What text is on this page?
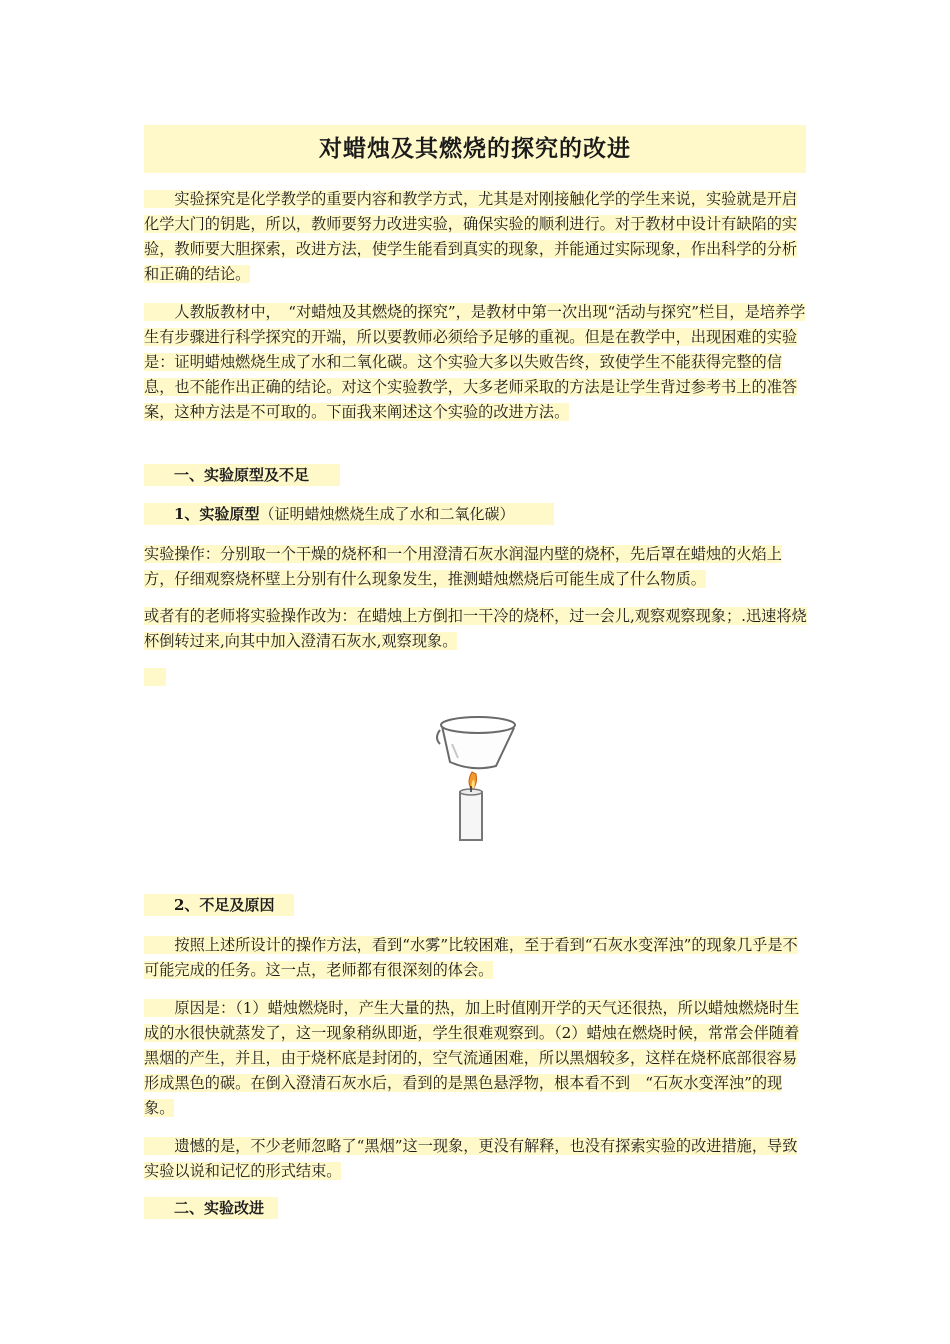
对蜡烛及其燃烧的探究的改进

　　实验探究是化学教学的重要内容和教学方式，尤其是对刚接触化学的学生来说，实验就是开启化学大门的钥匙，所以，教师要努力改进实验，确保实验的顺利进行。对于教材中设计有缺陷的实验，教师要大胆探索，改进方法，使学生能看到真实的现象，并能通过实际现象，作出科学的分析和正确的结论。

　　人教版教材中，　“对蜡烛及其燃烧的探究”，是教材中第一次出现“活动与探究”栏目，是培养学生有步骤进行科学探究的开端，所以要教师必须给予足够的重视。但是在教学中，出现困难的实验是：证明蜡烛燃烧生成了水和二氧化碳。这个实验大多以失败告终，致使学生不能获得完整的信息，也不能作出正确的结论。对这个实验教学，大多老师采取的方法是让学生背过参考书上的准答案，这种方法是不可取的。下面我来阐述这个实验的改进方法。

　　一、实验原型及不足
　　1、实验原型（证明蜡烛燃烧生成了水和二氧化碳）

实验操作：分别取一个干燥的烧杯和一个用澄清石灰水润湿内壁的烧杯，先后罩在蜡烛的火焰上方，仔细观察烧杯壁上分别有什么现象发生，推测蜡烛燃烧后可能生成了什么物质。

或者有的老师将实验操作改为：在蜡烛上方倒扣一干冷的烧杯，过一会儿,观察观察现象；.迅速将烧杯倒转过来,向其中加入澄清石灰水,观察现象。

　　2、不足及原因

　　按照上述所设计的操作方法，看到“水雾”比较困难，至于看到“石灰水变浑浊”的现象几乎是不可能完成的任务。这一点，老师都有很深刻的体会。

　　原因是：（1）蜡烛燃烧时，产生大量的热，加上时值刚开学的天气还很热，所以蜡烛燃烧时生成的水很快就蒸发了，这一现象稍纵即逝，学生很难观察到。（2）蜡烛在燃烧时候，常常会伴随着黑烟的产生，并且，由于烧杯底是封闭的，空气流通困难，所以黑烟较多，这样在烧杯底部很容易形成黑色的碳。在倒入澄清石灰水后，看到的是黑色悬浮物，根本看不到　“石灰水变浑浊”的现象。

　　遗憾的是，不少老师忽略了“黑烟”这一现象，更没有解释，也没有探索实验的改进措施，导致实验以说和记忆的形式结束。

　　二、实验改进
